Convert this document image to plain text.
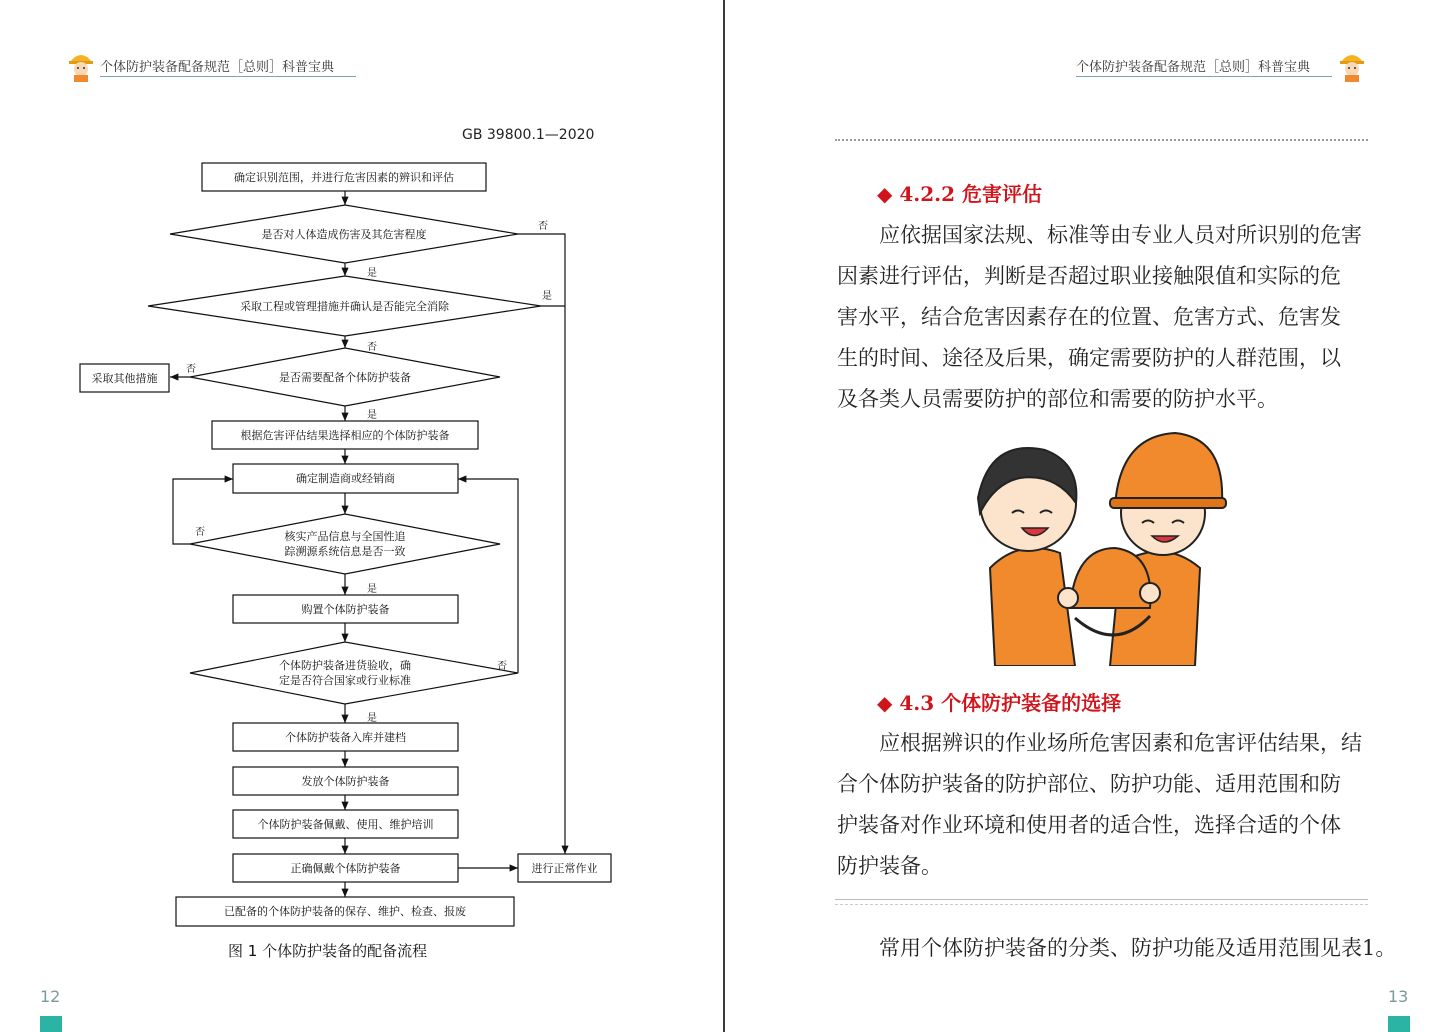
个体防护装备配备规范［总则］科普宝典
GB 39800.1—2020
确定识别范围，并进行危害因素的辨识和评估
是否对人体造成伤害及其危害程度
采取工程或管理措施并确认是否能完全消除
是否需要配备个体防护装备
采取其他措施
根据危害评估结果选择相应的个体防护装备
确定制造商或经销商
核实产品信息与全国性追
踪溯源系统信息是否一致
购置个体防护装备
个体防护装备进货验收，确
定是否符合国家或行业标准
个体防护装备入库并建档
发放个体防护装备
个体防护装备佩戴、使用、维护培训
正确佩戴个体防护装备	进行正常作业
已配备的个体防护装备的保存、维护、检查、报废
否
是
是
否
否
是
否
是
否
是
图 1 个体防护装备的配备流程
12
个体防护装备配备规范［总则］科普宝典
◆ 4.2.2 危害评估
应依据国家法规、标准等由专业人员对所识别的危害
因素进行评估，判断是否超过职业接触限值和实际的危
害水平，结合危害因素存在的位置、危害方式、危害发
生的时间、途径及后果，确定需要防护的人群范围，以
及各类人员需要防护的部位和需要的防护水平。
◆ 4.3 个体防护装备的选择
应根据辨识的作业场所危害因素和危害评估结果，结
合个体防护装备的防护部位、防护功能、适用范围和防
护装备对作业环境和使用者的适合性，选择合适的个体
防护装备。
常用个体防护装备的分类、防护功能及适用范围见表1。
13
